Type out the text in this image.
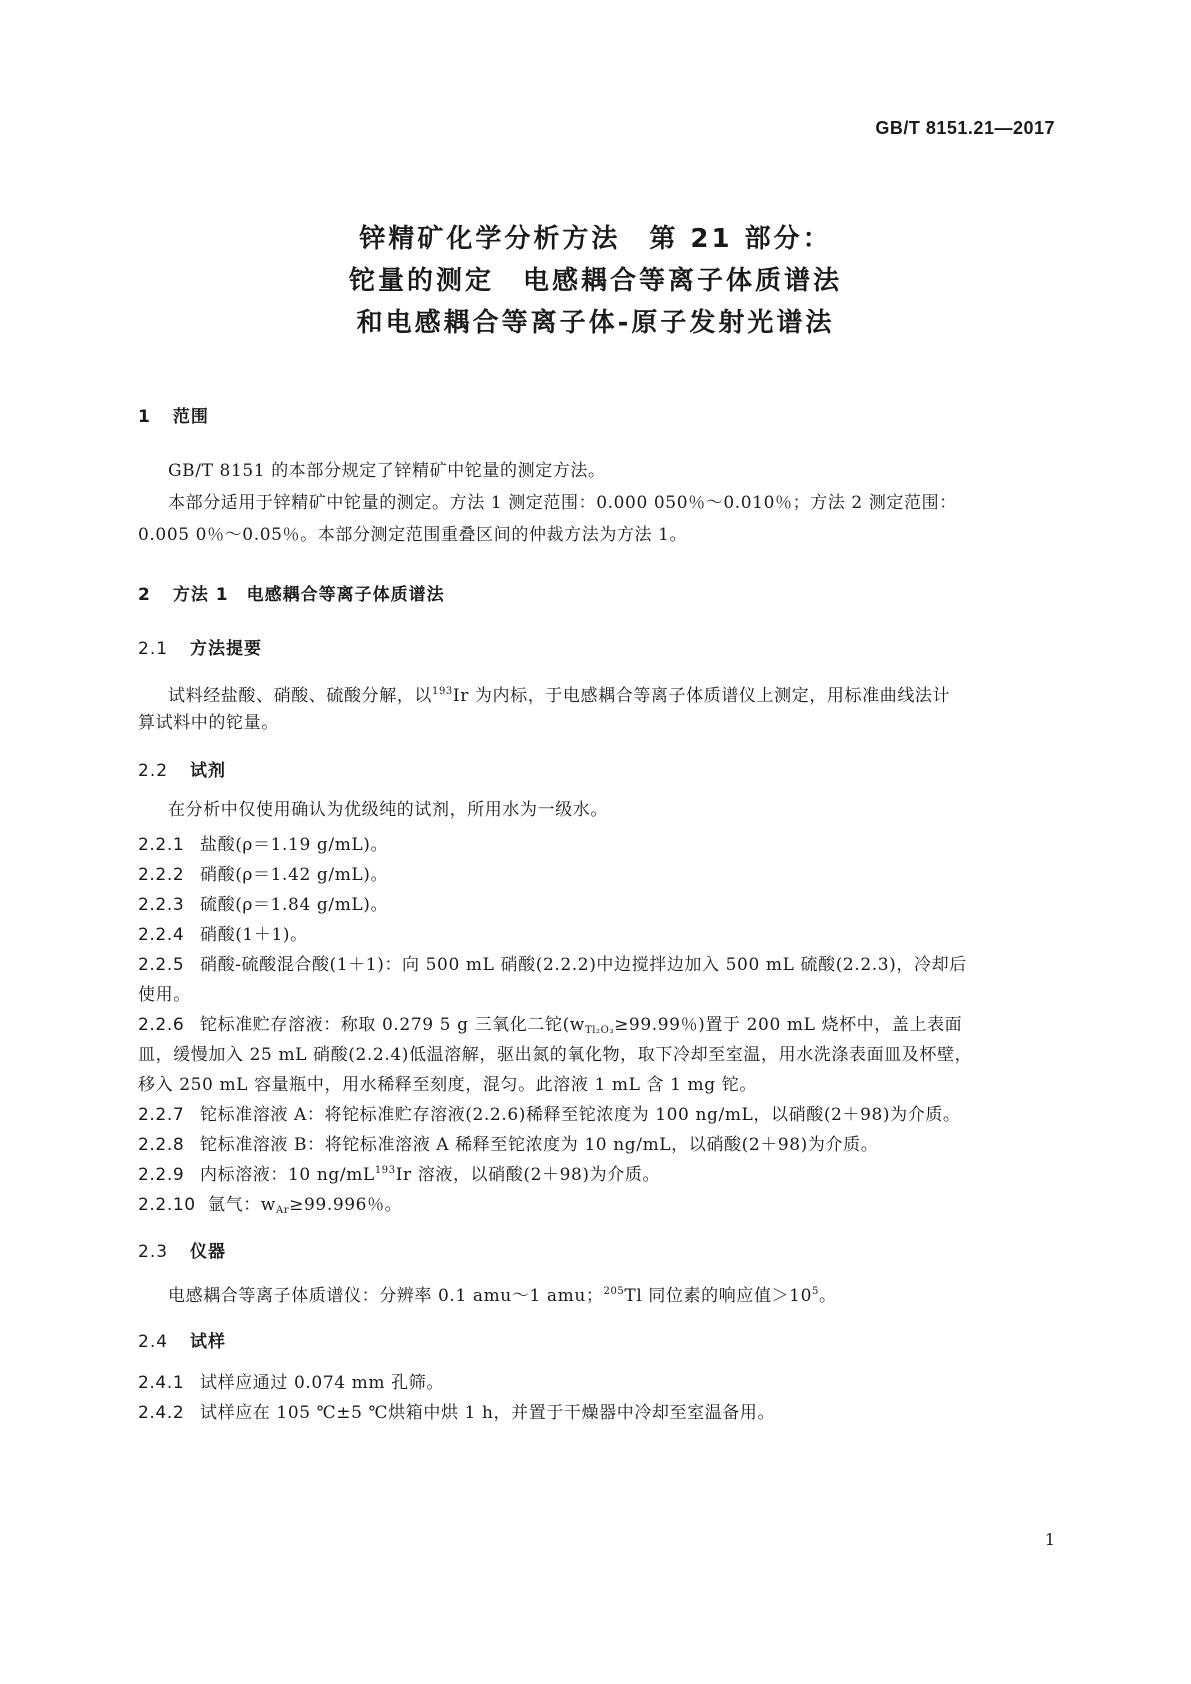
GB/T 8151.21—2017
锌精矿化学分析方法　第 21 部分：
铊量的测定　电感耦合等离子体质谱法
和电感耦合等离子体-原子发射光谱法
1 范围
GB/T 8151 的本部分规定了锌精矿中铊量的测定方法。
本部分适用于锌精矿中铊量的测定。方法 1 测定范围：0.000 050％～0.010％；方法 2 测定范围：
0.005 0％～0.05％。本部分测定范围重叠区间的仲裁方法为方法 1。
2 方法 1　电感耦合等离子体质谱法
2.1 方法提要
试料经盐酸、硝酸、硫酸分解，以$^{193}$Ir 为内标，于电感耦合等离子体质谱仪上测定，用标准曲线法计
算试料中的铊量。
2.2 试剂
在分析中仅使用确认为优级纯的试剂，所用水为一级水。
2.2.1 盐酸(ρ＝1.19 g/mL)。
2.2.2 硝酸(ρ＝1.42 g/mL)。
2.2.3 硫酸(ρ＝1.84 g/mL)。
2.2.4 硝酸(1＋1)。
2.2.5 硝酸-硫酸混合酸(1＋1)：向 500 mL 硝酸(2.2.2)中边搅拌边加入 500 mL 硫酸(2.2.3)，冷却后
使用。
2.2.6 铊标准贮存溶液：称取 0.279 5 g 三氧化二铊($w_{Tl_2O_3}\ge 99.99$％)置于 200 mL 烧杯中，盖上表面
皿，缓慢加入 25 mL 硝酸(2.2.4)低温溶解，驱出氮的氧化物，取下冷却至室温，用水洗涤表面皿及杯壁，
移入 250 mL 容量瓶中，用水稀释至刻度，混匀。此溶液 1 mL 含 1 mg 铊。
2.2.7 铊标准溶液 A：将铊标准贮存溶液(2.2.6)稀释至铊浓度为 100 ng/mL，以硝酸(2＋98)为介质。
2.2.8 铊标准溶液 B：将铊标准溶液 A 稀释至铊浓度为 10 ng/mL，以硝酸(2＋98)为介质。
2.2.9 内标溶液：10 $ng/mL^{193}Ir$ 溶液，以硝酸(2＋98)为介质。
2.2.10 氩气：$w_{Ar}\ge 99.996$％。
2.3 仪器
电感耦合等离子体质谱仪：分辨率 0.1 amu～1 amu；$^{205}$Tl 同位素的响应值$>10^5$。
2.4 试样
2.4.1 试样应通过 0.074 mm 孔筛。
2.4.2 试样应在 105 ℃±5 ℃烘箱中烘 1 h，并置于干燥器中冷却至室温备用。
1
